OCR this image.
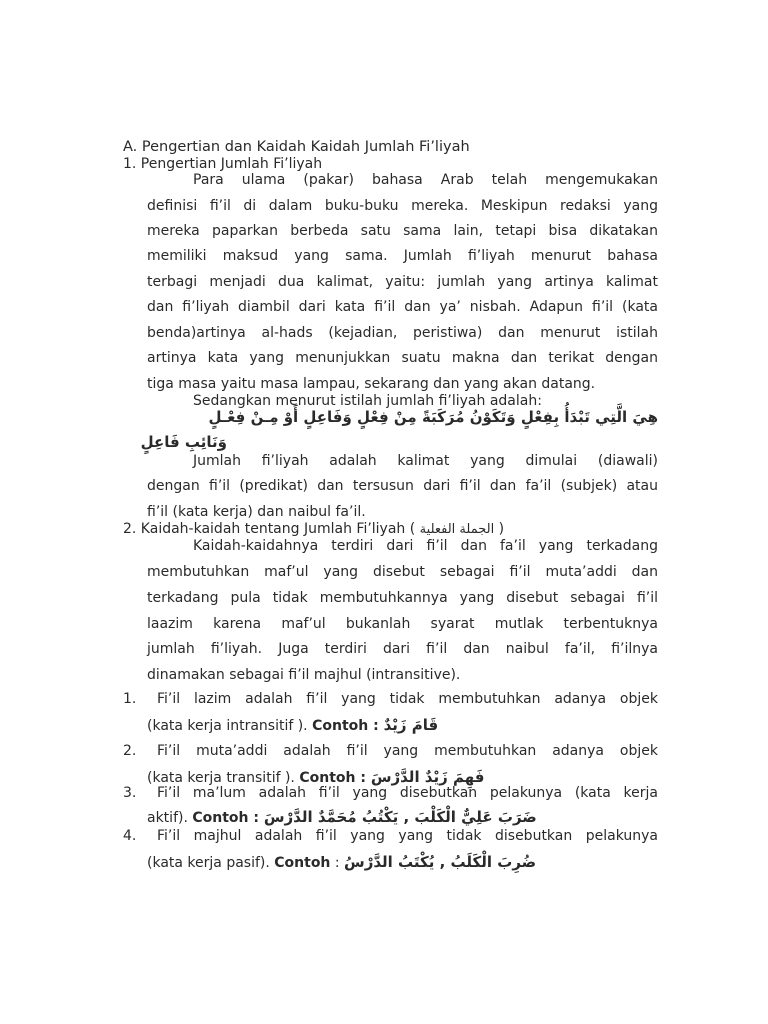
A. Pengertian dan Kaidah Kaidah Jumlah Fi’liyah
1. Pengertian Jumlah Fi’liyah
Para ulama (pakar) bahasa Arab telah mengemukakan
definisi fi’il di dalam buku-buku mereka. Meskipun redaksi yang
mereka paparkan berbeda satu sama lain, tetapi bisa dikatakan
memiliki maksud yang sama. Jumlah fi’liyah menurut bahasa
terbagi menjadi dua kalimat, yaitu: jumlah yang artinya kalimat
dan fi’liyah diambil dari kata fi’il dan ya’ nisbah. Adapun fi’il (kata
benda)artinya al-hads (kejadian, peristiwa) dan menurut istilah
artinya kata yang menunjukkan suatu makna dan terikat dengan
tiga masa yaitu masa lampau, sekarang dan yang akan datang.
Sedangkan menurut istilah jumlah fi’liyah adalah:
هِيَ الَّتِي تَبْدَأُ بِفِعْلٍ وَتَكَوْنُ مُرَكَبَةً مِنْ فِعْلٍ وَفَاعِلٍ أَوْ مِـنْ فِعْـلٍ
وَنَائِبِ فَاعِلٍ
Jumlah fi’liyah adalah kalimat yang dimulai (diawali)
dengan fi’il (predikat) dan tersusun dari fi’il dan fa’il (subjek) atau
fi’il (kata kerja) dan naibul fa’il.
2. Kaidah-kaidah tentang Jumlah Fi’liyah ( الجملة الفعلية )
Kaidah-kaidahnya terdiri dari fi’il dan fa’il yang terkadang
membutuhkan maf’ul yang disebut sebagai fi’il muta’addi dan
terkadang pula tidak membutuhkannya yang disebut sebagai fi’il
laazim karena maf’ul bukanlah syarat mutlak terbentuknya
jumlah fi’liyah. Juga terdiri dari fi’il dan naibul fa’il, fi’ilnya
dinamakan sebagai fi’il majhul (intransitive).
1. Fi’il lazim adalah fi’il yang tidak membutuhkan adanya objek
(kata kerja intransitif ). Contoh : قَامَ زَيْدٌ
2. Fi’il muta’addi adalah fi’il yang membutuhkan adanya objek
(kata kerja transitif ). Contoh : فَهِمَ زَيْدٌ الدَّرْسَ
3. Fi’il ma’lum adalah fi’il yang disebutkan pelakunya (kata kerja
aktif). Contoh : ضَرَبَ عَلِيٌّ الْكَلْبَ , يَكْتُبُ مُحَمَّدٌ الدَّرْسَ
4. Fi’il majhul adalah fi’il yang yang tidak disebutkan pelakunya
(kata kerja pasif). Contoh : ضُرِبَ الْكَلَبُ , يُكْتَبُ الدَّرْسُ
